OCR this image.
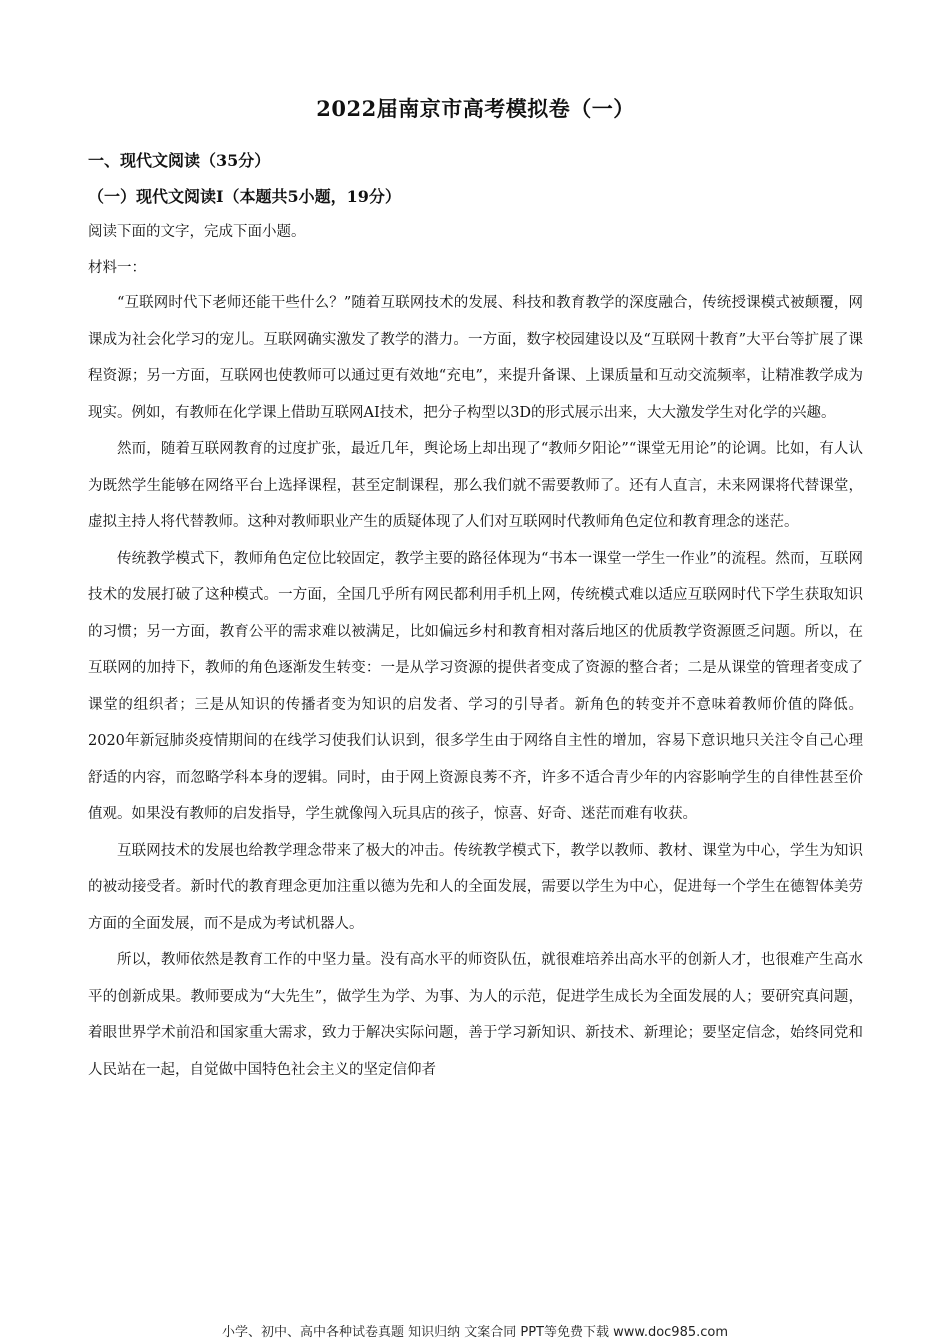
2022届南京市高考模拟卷（一）
一、现代文阅读（35分）
（一）现代文阅读Ⅰ（本题共5小题，19分）
阅读下面的文字，完成下面小题。
材料一：

“互联网时代下老师还能干些什么？”随着互联网技术的发展、科技和教育教学的深度融合，传统授课模式被颠覆，网课成为社会化学习的宠儿。互联网确实激发了教学的潜力。一方面，数字校园建设以及“互联网十教育”大平台等扩展了课程资源；另一方面，互联网也使教师可以通过更有效地“充电”，来提升备课、上课质量和互动交流频率，让精准教学成为现实。例如，有教师在化学课上借助互联网AI技术，把分子构型以3D的形式展示出来，大大激发学生对化学的兴趣。

然而，随着互联网教育的过度扩张，最近几年，舆论场上却出现了“教师夕阳论”“课堂无用论”的论调。比如，有人认为既然学生能够在网络平台上选择课程，甚至定制课程，那么我们就不需要教师了。还有人直言，未来网课将代替课堂，虚拟主持人将代替教师。这种对教师职业产生的质疑体现了人们对互联网时代教师角色定位和教育理念的迷茫。

传统教学模式下，教师角色定位比较固定，教学主要的路径体现为“书本一课堂一学生一作业”的流程。然而，互联网技术的发展打破了这种模式。一方面，全国几乎所有网民都利用手机上网，传统模式难以适应互联网时代下学生获取知识的习惯；另一方面，教育公平的需求难以被满足，比如偏远乡村和教育相对落后地区的优质教学资源匮乏问题。所以，在互联网的加持下，教师的角色逐渐发生转变：一是从学习资源的提供者变成了资源的整合者；二是从课堂的管理者变成了课堂的组织者；三是从知识的传播者变为知识的启发者、学习的引导者。新角色的转变并不意味着教师价值的降低。2020年新冠肺炎疫情期间的在线学习使我们认识到，很多学生由于网络自主性的增加，容易下意识地只关注令自己心理舒适的内容，而忽略学科本身的逻辑。同时，由于网上资源良莠不齐，许多不适合青少年的内容影响学生的自律性甚至价值观。如果没有教师的启发指导，学生就像闯入玩具店的孩子，惊喜、好奇、迷茫而难有收获。

互联网技术的发展也给教学理念带来了极大的冲击。传统教学模式下，教学以教师、教材、课堂为中心，学生为知识的被动接受者。新时代的教育理念更加注重以德为先和人的全面发展，需要以学生为中心，促进每一个学生在德智体美劳方面的全面发展，而不是成为考试机器人。

所以，教师依然是教育工作的中坚力量。没有高水平的师资队伍，就很难培养出高水平的创新人才，也很难产生高水平的创新成果。教师要成为“大先生”，做学生为学、为事、为人的示范，促进学生成长为全面发展的人；要研究真问题，着眼世界学术前沿和国家重大需求，致力于解决实际问题，善于学习新知识、新技术、新理论；要坚定信念，始终同党和人民站在一起，自觉做中国特色社会主义的坚定信仰者

小学、初中、高中各种试卷真题 知识归纳 文案合同 PPT等免费下载 www.doc985.com
